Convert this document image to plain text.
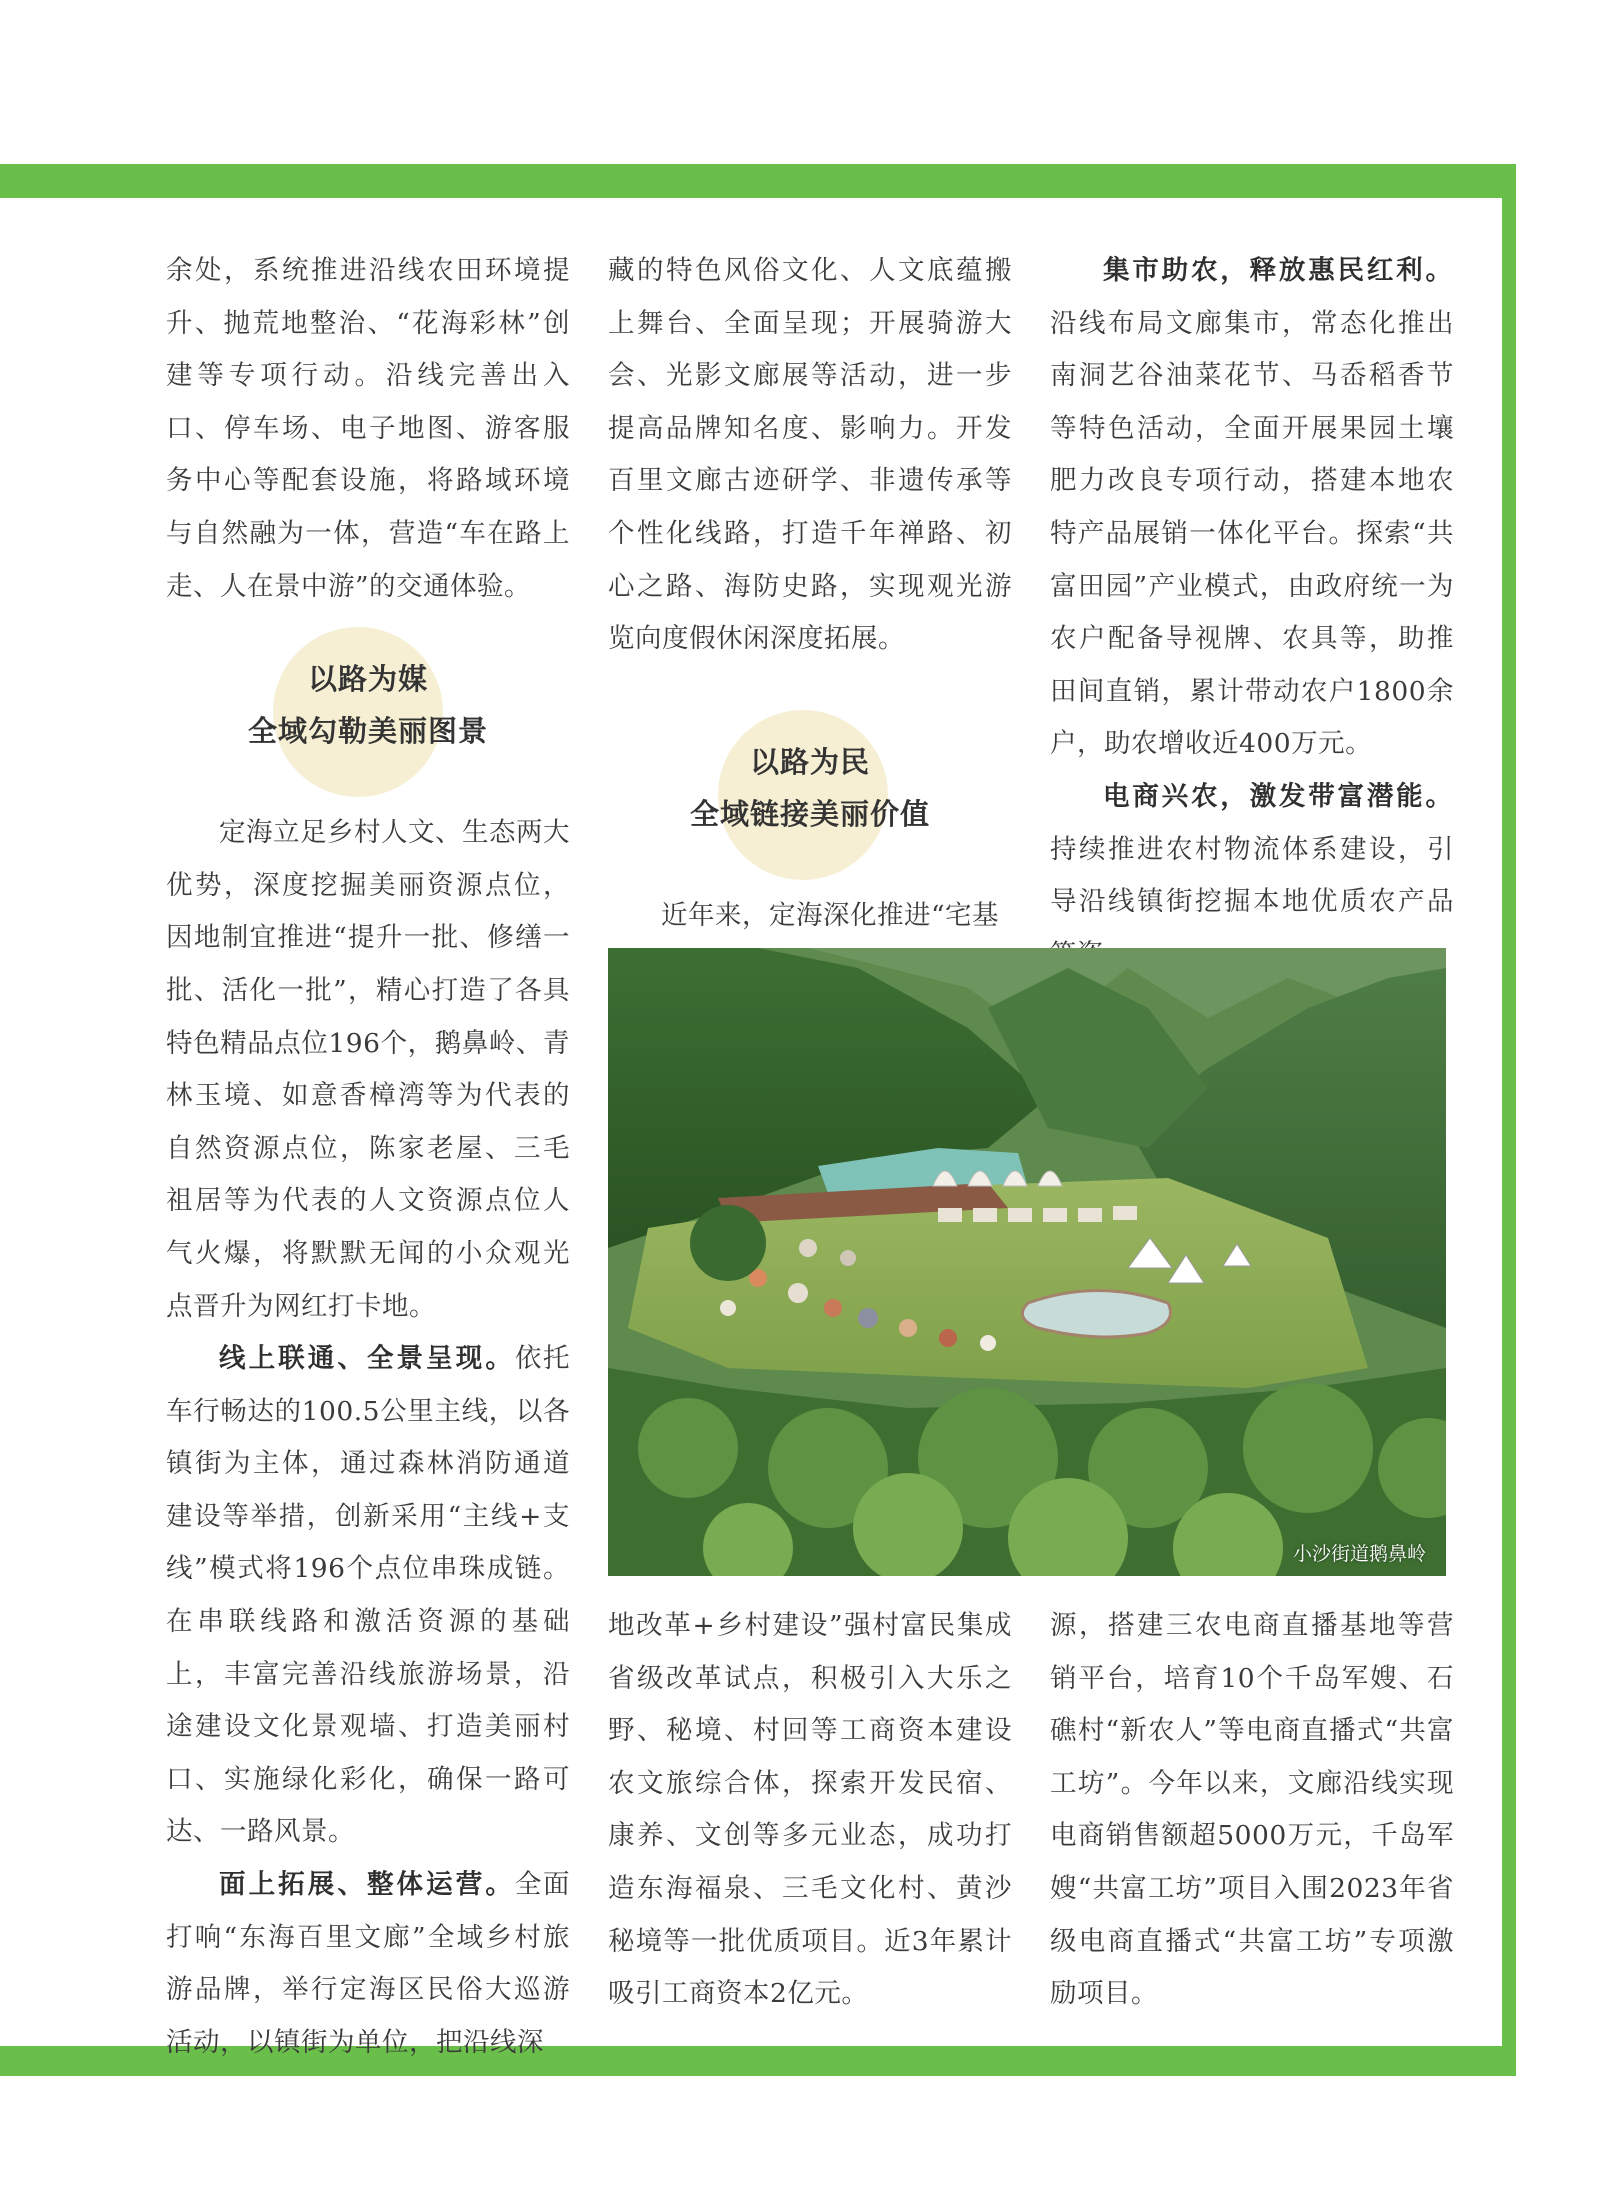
余处，系统推进沿线农田环境提升、抛荒地整治、“花海彩林”创建等专项行动。沿线完善出入口、停车场、电子地图、游客服务中心等配套设施，将路域环境与自然融为一体，营造“车在路上走、人在景中游”的交通体验。

以路为媒
全域勾勒美丽图景

定海立足乡村人文、生态两大优势，深度挖掘美丽资源点位，因地制宜推进“提升一批、修缮一批、活化一批”，精心打造了各具特色精品点位196个，鹅鼻岭、青林玉境、如意香樟湾等为代表的自然资源点位，陈家老屋、三毛祖居等为代表的人文资源点位人气火爆，将默默无闻的小众观光点晋升为网红打卡地。

线上联通、全景呈现。依托车行畅达的100.5公里主线，以各镇街为主体，通过森林消防通道建设等举措，创新采用“主线+支线”模式将196个点位串珠成链。在串联线路和激活资源的基础上，丰富完善沿线旅游场景，沿途建设文化景观墙、打造美丽村口、实施绿化彩化，确保一路可达、一路风景。

面上拓展、整体运营。全面打响“东海百里文廊”全域乡村旅游品牌，举行定海区民俗大巡游活动，以镇街为单位，把沿线深

藏的特色风俗文化、人文底蕴搬上舞台、全面呈现；开展骑游大会、光影文廊展等活动，进一步提高品牌知名度、影响力。开发百里文廊古迹研学、非遗传承等个性化线路，打造千年禅路、初心之路、海防史路，实现观光游览向度假休闲深度拓展。

以路为民
全域链接美丽价值

近年来，定海深化推进“宅基

地改革+乡村建设”强村富民集成省级改革试点，积极引入大乐之野、秘境、村回等工商资本建设农文旅综合体，探索开发民宿、康养、文创等多元业态，成功打造东海福泉、三毛文化村、黄沙秘境等一批优质项目。近3年累计吸引工商资本2亿元。

集市助农，释放惠民红利。沿线布局文廊集市，常态化推出南洞艺谷油菜花节、马岙稻香节等特色活动，全面开展果园土壤肥力改良专项行动，搭建本地农特产品展销一体化平台。探索“共富田园”产业模式，由政府统一为农户配备导视牌、农具等，助推田间直销，累计带动农户1800余户，助农增收近400万元。

电商兴农，激发带富潜能。持续推进农村物流体系建设，引导沿线镇街挖掘本地优质农产品

源，搭建三农电商直播基地等营销平台，培育10个千岛军嫂、石礁村“新农人”等电商直播式“共富工坊”。今年以来，文廊沿线实现电商销售额超5000万元，千岛军嫂“共富工坊”项目入围2023年省级电商直播式“共富工坊”专项激励项目。

小沙街道鹅鼻岭
